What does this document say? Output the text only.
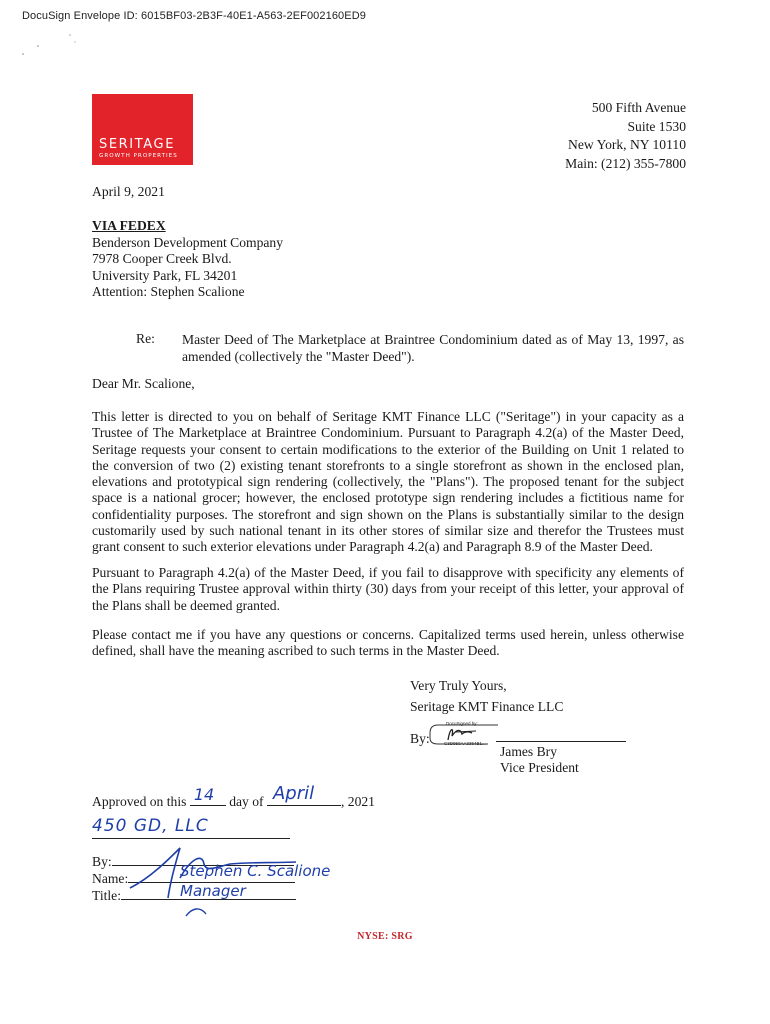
DocuSign Envelope ID: 6015BF03-2B3F-40E1-A563-2EF002160ED9
SERITAGE
GROWTH PROPERTIES
500 Fifth Avenue
Suite 1530
New York, NY 10110
Main: (212) 355-7800
April 9, 2021
VIA FEDEX
Benderson Development Company
7978 Cooper Creek Blvd.
University Park, FL 34201
Attention: Stephen Scalione
Re: Master Deed of The Marketplace at Braintree Condominium dated as of May 13, 1997, as amended (collectively the "Master Deed").
Dear Mr. Scalione,
This letter is directed to you on behalf of Seritage KMT Finance LLC ("Seritage") in your capacity as a Trustee of The Marketplace at Braintree Condominium. Pursuant to Paragraph 4.2(a) of the Master Deed, Seritage requests your consent to certain modifications to the exterior of the Building on Unit 1 related to the conversion of two (2) existing tenant storefronts to a single storefront as shown in the enclosed plan, elevations and prototypical sign rendering (collectively, the "Plans"). The proposed tenant for the subject space is a national grocer; however, the enclosed prototype sign rendering includes a fictitious name for confidentiality purposes. The storefront and sign shown on the Plans is substantially similar to the design customarily used by such national tenant in its other stores of similar size and therefor the Trustees must grant consent to such exterior elevations under Paragraph 4.2(a) and Paragraph 8.9 of the Master Deed.
Pursuant to Paragraph 4.2(a) of the Master Deed, if you fail to disapprove with specificity any elements of the Plans requiring Trustee approval within thirty (30) days from your receipt of this letter, your approval of the Plans shall be deemed granted.
Please contact me if you have any questions or concerns. Capitalized terms used herein, unless otherwise defined, shall have the meaning ascribed to such terms in the Master Deed.
Very Truly Yours,
Seritage KMT Finance LLC
By:
DocuSigned by:
C3D950AA3364B1...
James Bry
Vice President
Approved on this 14 day of April , 2021
450 GD, LLC
By:
Name:
Title:
Stephen C. Scalione
Manager
NYSE: SRG
